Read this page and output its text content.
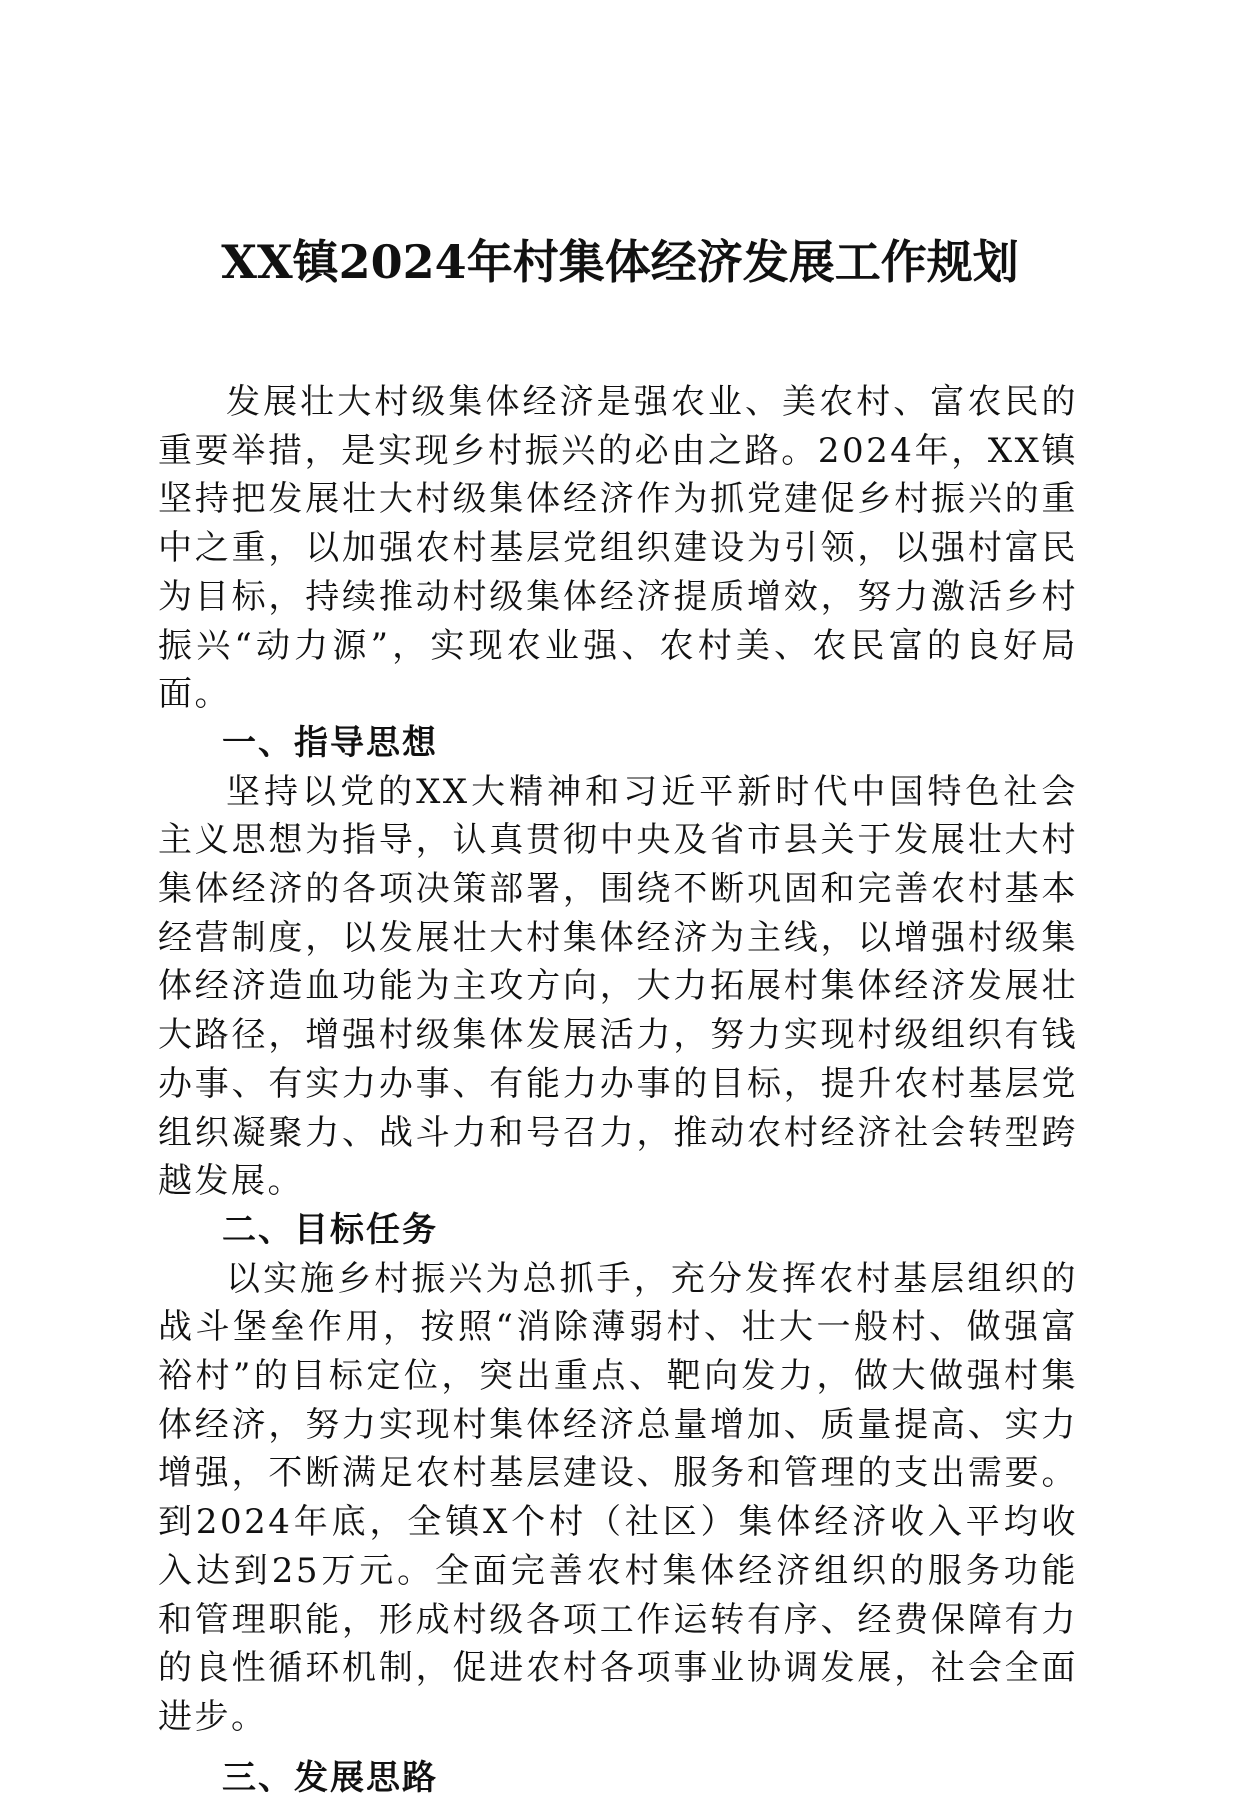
XX镇2024年村集体经济发展工作规划

发展壮大村级集体经济是强农业、美农村、富农民的重要举措，是实现乡村振兴的必由之路。2024年，XX镇坚持把发展壮大村级集体经济作为抓党建促乡村振兴的重中之重，以加强农村基层党组织建设为引领，以强村富民为目标，持续推动村级集体经济提质增效，努力激活乡村振兴“动力源”，实现农业强、农村美、农民富的良好局面。

一、指导思想

坚持以党的XX大精神和习近平新时代中国特色社会主义思想为指导，认真贯彻中央及省市县关于发展壮大村集体经济的各项决策部署，围绕不断巩固和完善农村基本经营制度，以发展壮大村集体经济为主线，以增强村级集体经济造血功能为主攻方向，大力拓展村集体经济发展壮大路径，增强村级集体发展活力，努力实现村级组织有钱办事、有实力办事、有能力办事的目标，提升农村基层党组织凝聚力、战斗力和号召力，推动农村经济社会转型跨越发展。

二、目标任务

以实施乡村振兴为总抓手，充分发挥农村基层组织的战斗堡垒作用，按照“消除薄弱村、壮大一般村、做强富裕村”的目标定位，突出重点、靶向发力，做大做强村集体经济，努力实现村集体经济总量增加、质量提高、实力增强，不断满足农村基层建设、服务和管理的支出需要。到2024年底，全镇X个村（社区）集体经济收入平均收入达到25万元。全面完善农村集体经济组织的服务功能和管理职能，形成村级各项工作运转有序、经费保障有力的良性循环机制，促进农村各项事业协调发展，社会全面进步。

三、发展思路
